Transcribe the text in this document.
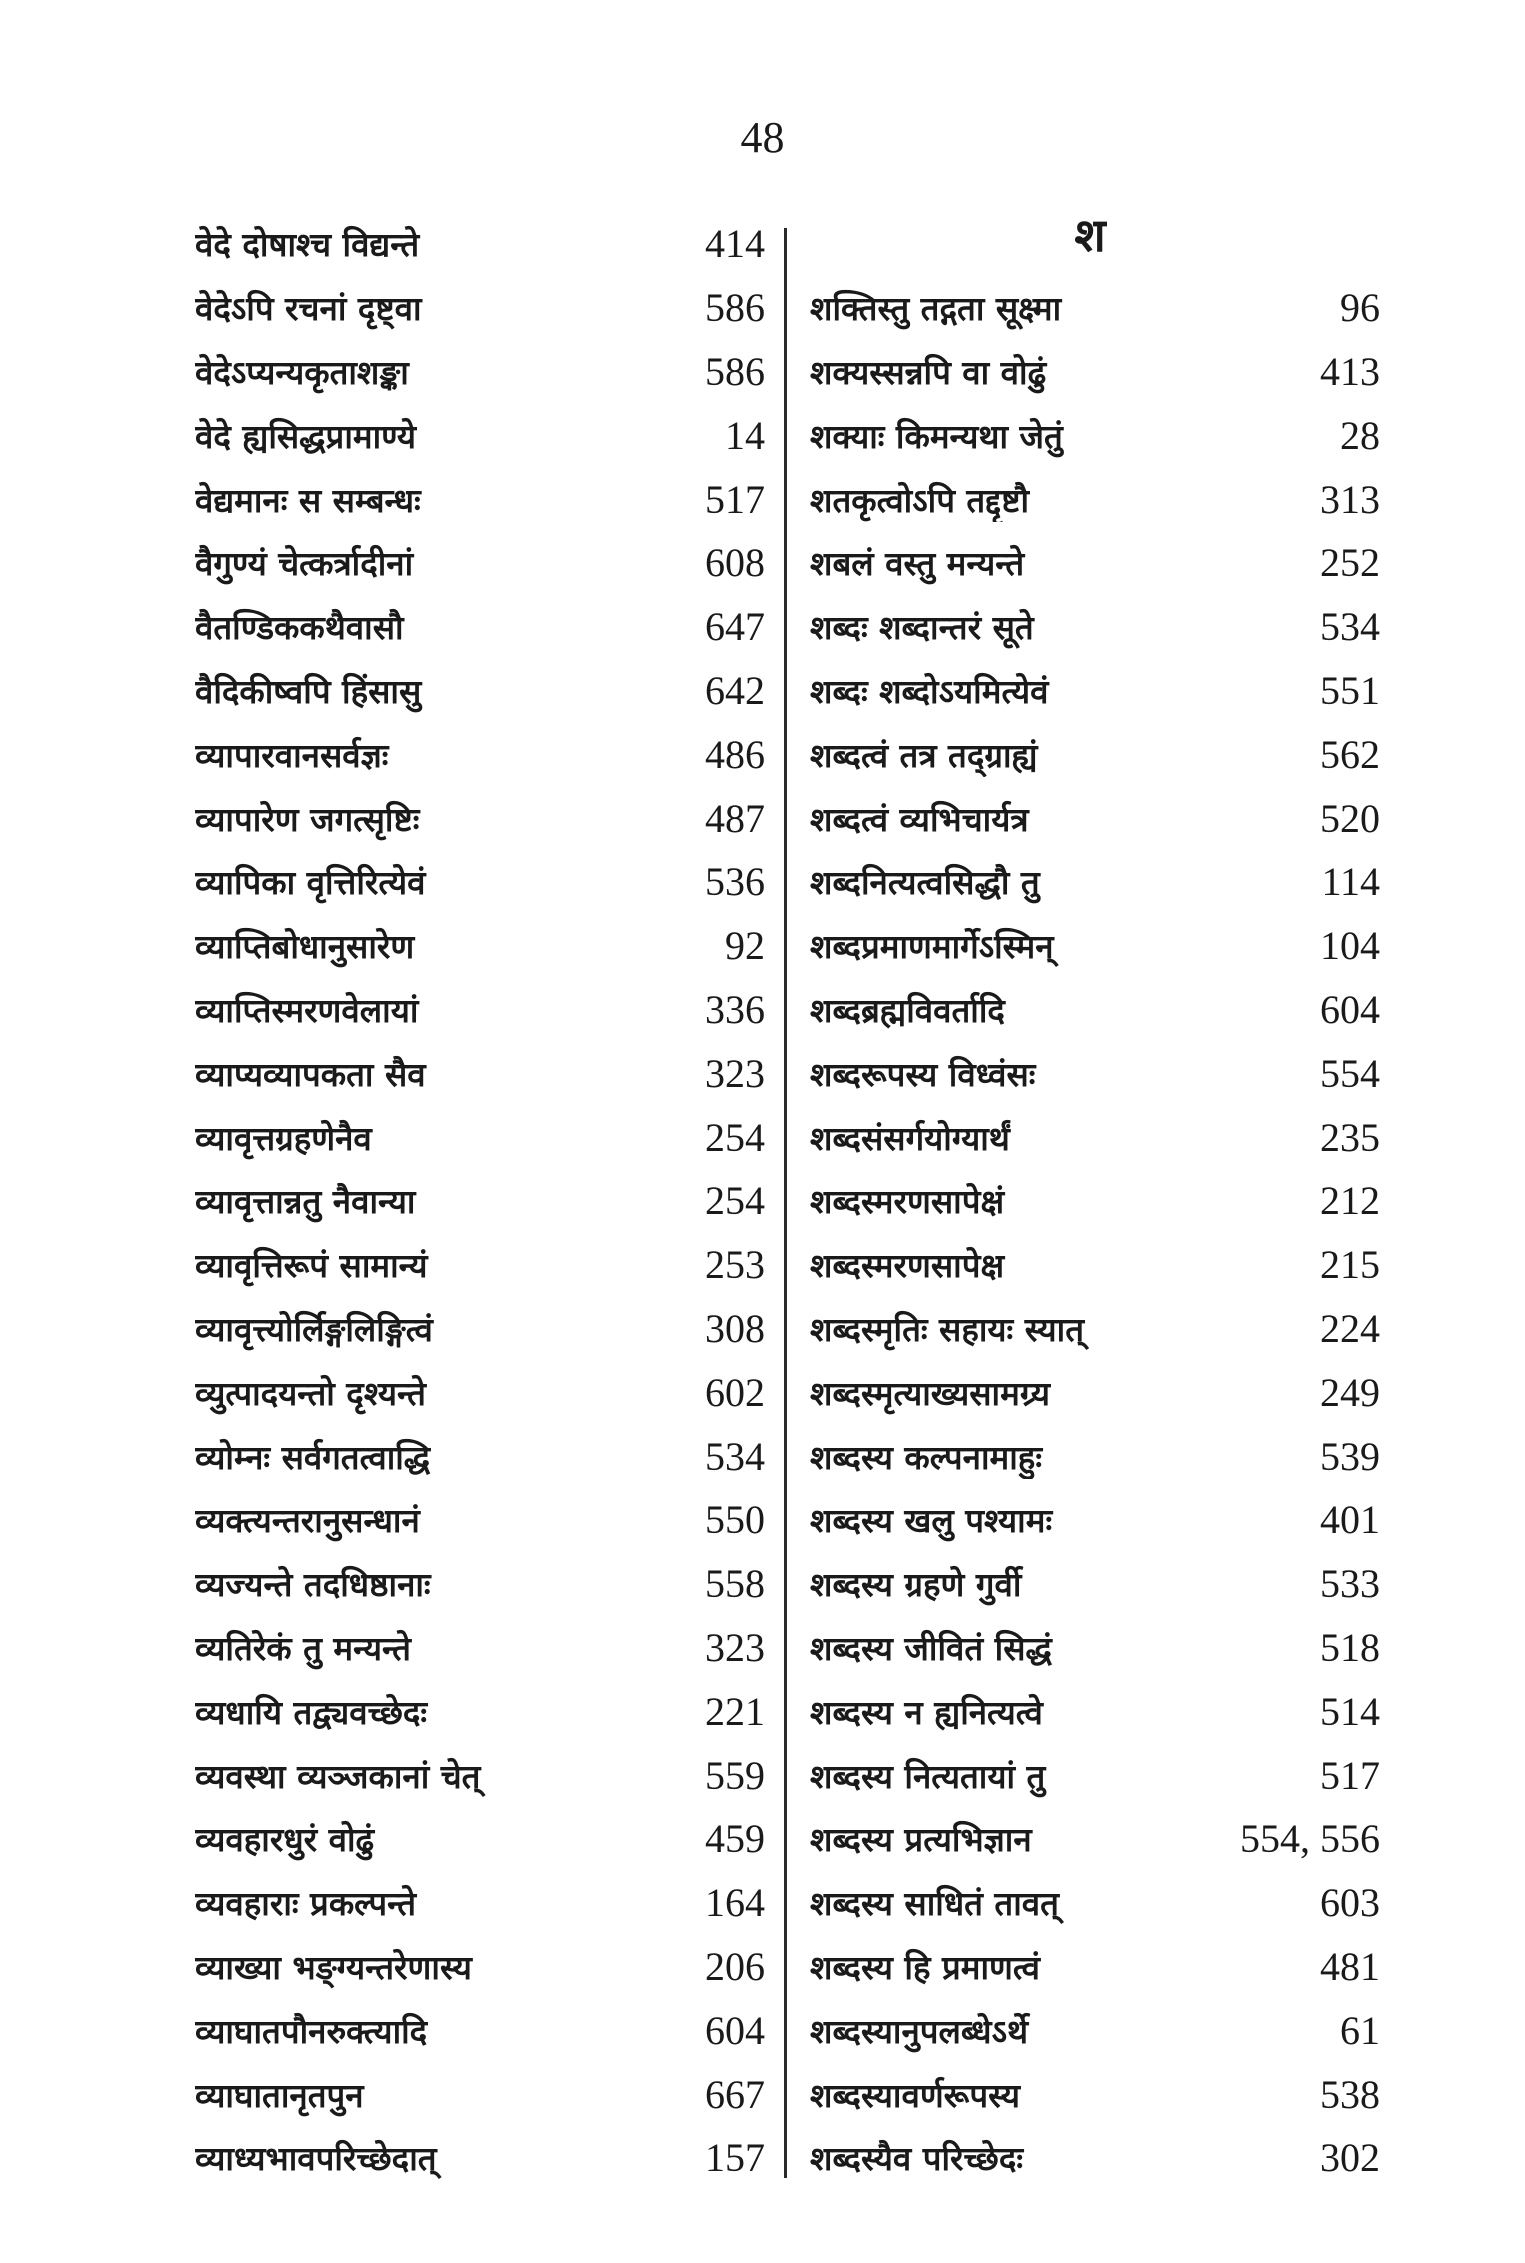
48
वेदे दोषाश्च विद्यन्ते	414
वेदेऽपि रचनां दृष्ट्वा	586
वेदेऽप्यन्यकृताशङ्का	586
वेदे ह्यसिद्धप्रामाण्ये	14
वेद्यमानः स सम्बन्धः	517
वैगुण्यं चेत्कर्त्रादीनां	608
वैतण्डिककथैवासौ	647
वैदिकीष्वपि हिंसासु	642
व्यापारवानसर्वज्ञः	486
व्यापारेण जगत्सृष्टिः	487
व्यापिका वृत्तिरित्येवं	536
व्याप्तिबोधानुसारेण	92
व्याप्तिस्मरणवेलायां	336
व्याप्यव्यापकता सैव	323
व्यावृत्तग्रहणेनैव	254
व्यावृत्तान्नतु नैवान्या	254
व्यावृत्तिरूपं सामान्यं	253
व्यावृत्त्योर्लिङ्गलिङ्गित्वं	308
व्युत्पादयन्तो दृश्यन्ते	602
व्योम्नः सर्वगतत्वाद्धि	534
व्यक्त्यन्तरानुसन्धानं	550
व्यज्यन्ते तदधिष्ठानाः	558
व्यतिरेकं तु मन्यन्ते	323
व्यधायि तद्व्यवच्छेदः	221
व्यवस्था व्यञ्जकानां चेत्	559
व्यवहारधुरं वोढुं	459
व्यवहाराः प्रकल्पन्ते	164
व्याख्या भङ्ग्यन्तरेणास्य	206
व्याघातपौनरुक्त्यादि	604
व्याघातानृतपुन	667
व्याध्यभावपरिच्छेदात्	157
श
शक्तिस्तु तद्गता सूक्ष्मा	96
शक्यस्सन्नपि वा वोढुं	413
शक्याः किमन्यथा जेतुं	28
शतकृत्वोऽपि तद्दृष्टौ	313
शबलं वस्तु मन्यन्ते	252
शब्दः शब्दान्तरं सूते	534
शब्दः शब्दोऽयमित्येवं	551
शब्दत्वं तत्र तद्ग्राह्यं	562
शब्दत्वं व्यभिचार्यत्र	520
शब्दनित्यत्वसिद्धौ तु	114
शब्दप्रमाणमार्गेऽस्मिन्	104
शब्दब्रह्मविवर्तादि	604
शब्दरूपस्य विध्वंसः	554
शब्दसंसर्गयोग्यार्थं	235
शब्दस्मरणसापेक्षं	212
शब्दस्मरणसापेक्ष	215
शब्दस्मृतिः सहायः स्यात्	224
शब्दस्मृत्याख्यसामग्र्य	249
शब्दस्य कल्पनामाहुः	539
शब्दस्य खलु पश्यामः	401
शब्दस्य ग्रहणे गुर्वी	533
शब्दस्य जीवितं सिद्धं	518
शब्दस्य न ह्यनित्यत्वे	514
शब्दस्य नित्यतायां तु	517
शब्दस्य प्रत्यभिज्ञान	554, 556
शब्दस्य साधितं तावत्	603
शब्दस्य हि प्रमाणत्वं	481
शब्दस्यानुपलब्धेऽर्थे	61
शब्दस्यावर्णरूपस्य	538
शब्दस्यैव परिच्छेदः	302
